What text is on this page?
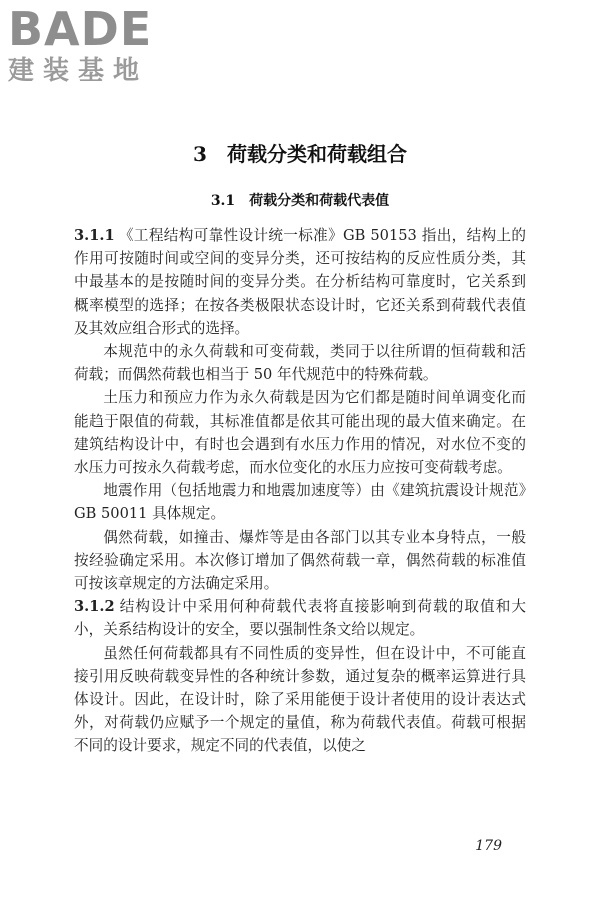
BADE
建装基地
3　荷载分类和荷载组合
3.1　荷载分类和荷载代表值

3.1.1 《工程结构可靠性设计统一标准》GB 50153 指出，结构上的作用可按随时间或空间的变异分类，还可按结构的反应性质分类，其中最基本的是按随时间的变异分类。在分析结构可靠度时，它关系到概率模型的选择；在按各类极限状态设计时，它还关系到荷载代表值及其效应组合形式的选择。

本规范中的永久荷载和可变荷载，类同于以往所谓的恒荷载和活荷载；而偶然荷载也相当于 50 年代规范中的特殊荷载。

土压力和预应力作为永久荷载是因为它们都是随时间单调变化而能趋于限值的荷载，其标准值都是依其可能出现的最大值来确定。在建筑结构设计中，有时也会遇到有水压力作用的情况，对水位不变的水压力可按永久荷载考虑，而水位变化的水压力应按可变荷载考虑。

地震作用（包括地震力和地震加速度等）由《建筑抗震设计规范》GB 50011 具体规定。

偶然荷载，如撞击、爆炸等是由各部门以其专业本身特点，一般按经验确定采用。本次修订增加了偶然荷载一章，偶然荷载的标准值可按该章规定的方法确定采用。

3.1.2 结构设计中采用何种荷载代表将直接影响到荷载的取值和大小，关系结构设计的安全，要以强制性条文给以规定。

虽然任何荷载都具有不同性质的变异性，但在设计中，不可能直接引用反映荷载变异性的各种统计参数，通过复杂的概率运算进行具体设计。因此，在设计时，除了采用能便于设计者使用的设计表达式外，对荷载仍应赋予一个规定的量值，称为荷载代表值。荷载可根据不同的设计要求，规定不同的代表值，以使之

179
